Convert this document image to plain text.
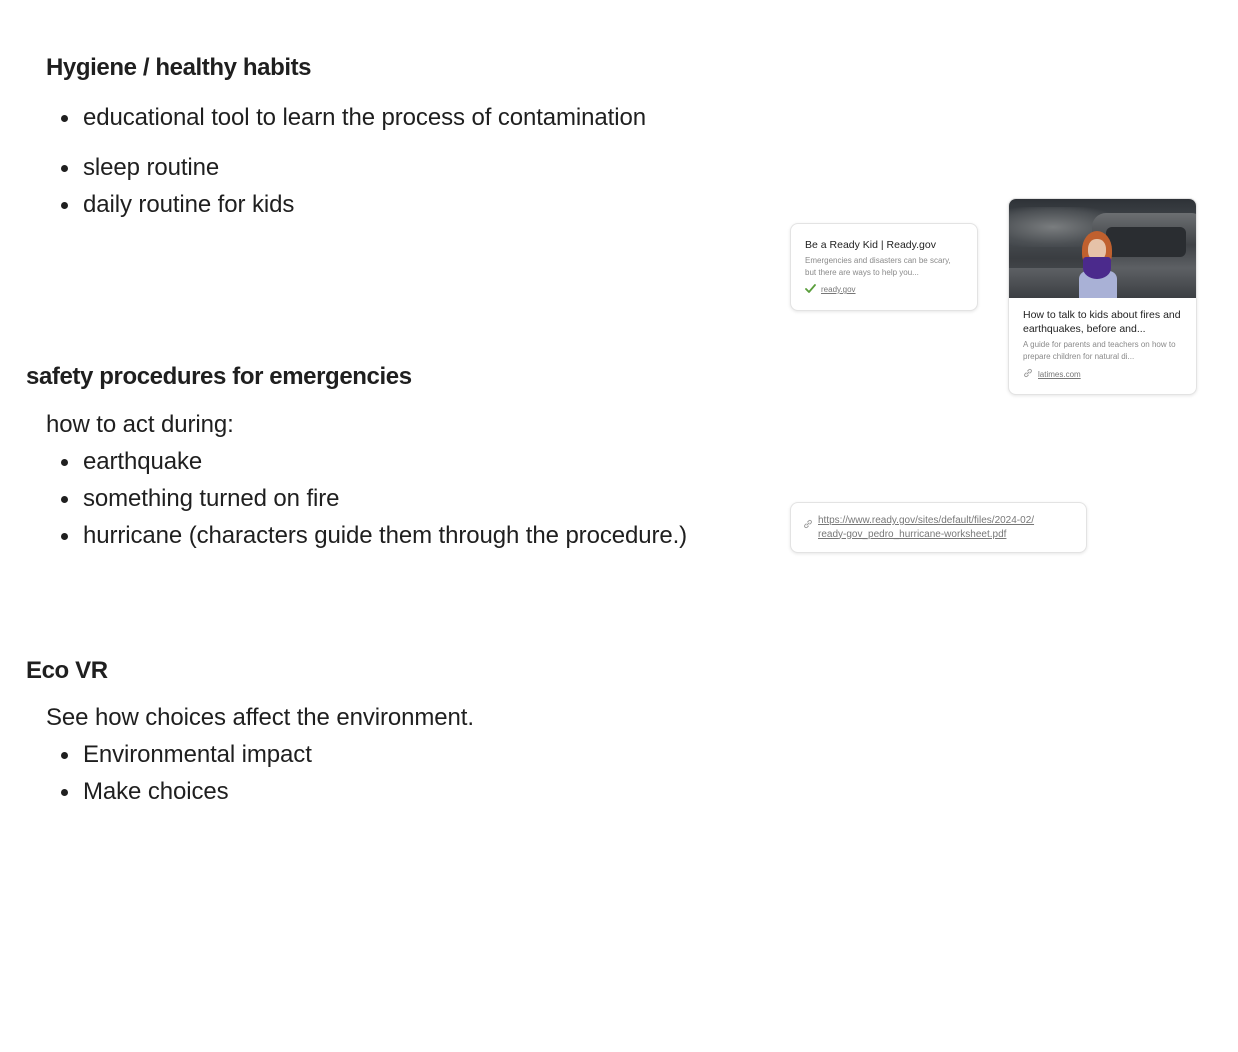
Hygiene / healthy habits
educational tool to learn the process of contamination
sleep routine
daily routine for kids
safety procedures for emergencies
how to act during:
earthquake
something turned on fire
hurricane (characters guide them through the procedure.)
Eco VR
See how choices affect the environment.
Environmental impact
Make choices
Be a Ready Kid | Ready.gov
Emergencies and disasters can be scary, but there are ways to help you...
ready.gov
How to talk to kids about fires and earthquakes, before and...
A guide for parents and teachers on how to prepare children for natural di...
latimes.com
https://www.ready.gov/sites/default/files/2024-02/
ready-gov_pedro_hurricane-worksheet.pdf
